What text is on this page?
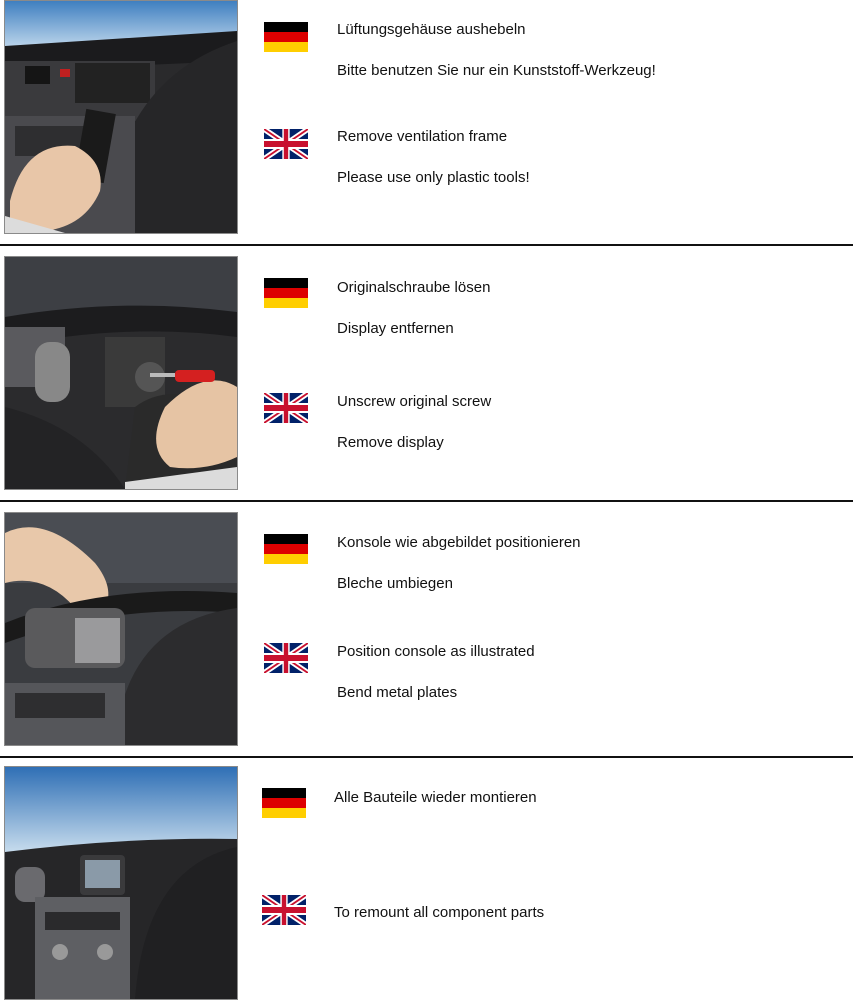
Lüftungsgehäuse aushebeln
Bitte benutzen Sie nur ein Kunststoff-Werkzeug!
Remove ventilation frame
Please use only plastic tools!
Originalschraube lösen
Display entfernen
Unscrew original screw
Remove display
Konsole wie abgebildet positionieren
Bleche umbiegen
Position console as illustrated
Bend metal plates
Alle Bauteile wieder montieren
To remount all component parts
